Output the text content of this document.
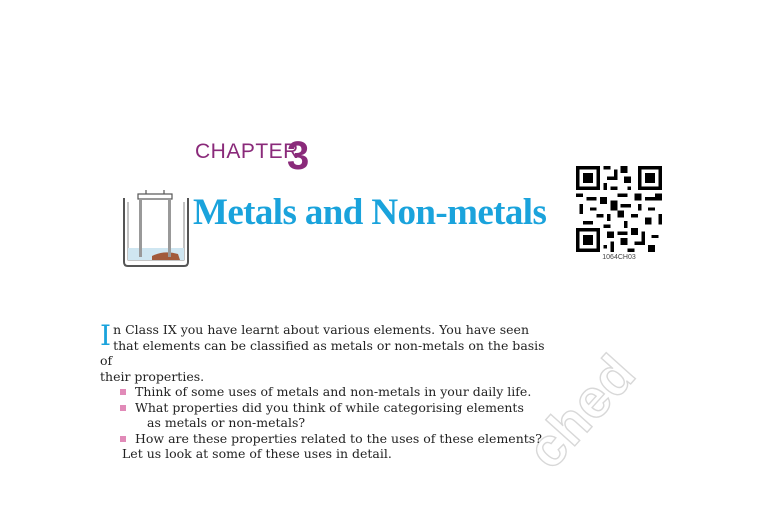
ched
CHAPTER
3
Metals and Non-metals
1064CH03

In Class IX you have learnt about various elements. You have seen
that elements can be classified as metals or non-metals on the basis of
their properties.

Think of some uses of metals and non-metals in your daily life.
What properties did you think of while categorising elements
as metals or non-metals?
How are these properties related to the uses of these elements?
Let us look at some of these uses in detail.
